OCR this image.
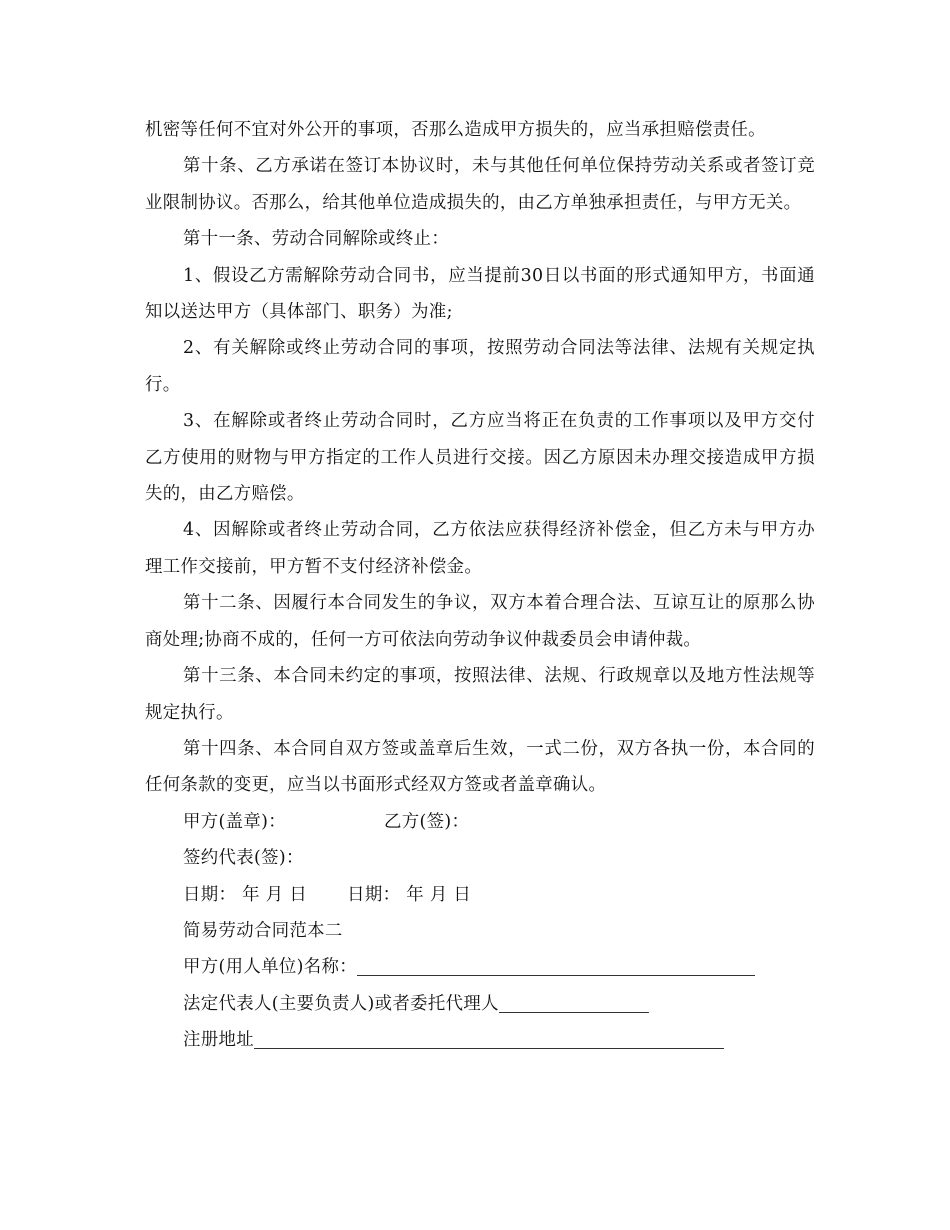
机密等任何不宜对外公开的事项，否那么造成甲方损失的，应当承担赔偿责任。

第十条、乙方承诺在签订本协议时，未与其他任何单位保持劳动关系或者签订竞业限制协议。否那么，给其他单位造成损失的，由乙方单独承担责任，与甲方无关。

第十一条、劳动合同解除或终止：

1、假设乙方需解除劳动合同书，应当提前30日以书面的形式通知甲方，书面通知以送达甲方（具体部门、职务）为准;

2、有关解除或终止劳动合同的事项，按照劳动合同法等法律、法规有关规定执行。

3、在解除或者终止劳动合同时，乙方应当将正在负责的工作事项以及甲方交付乙方使用的财物与甲方指定的工作人员进行交接。因乙方原因未办理交接造成甲方损失的，由乙方赔偿。

4、因解除或者终止劳动合同，乙方依法应获得经济补偿金，但乙方未与甲方办理工作交接前，甲方暂不支付经济补偿金。

第十二条、因履行本合同发生的争议，双方本着合理合法、互谅互让的原那么协商处理;协商不成的，任何一方可依法向劳动争议仲裁委员会申请仲裁。

第十三条、本合同未约定的事项，按照法律、法规、行政规章以及地方性法规等规定执行。

第十四条、本合同自双方签或盖章后生效，一式二份，双方各执一份，本合同的任何条款的变更，应当以书面形式经双方签或者盖章确认。

甲方(盖章)：	乙方(签)：

签约代表(签)：

日期： 年 月 日 日期： 年 月 日

简易劳动合同范本二

甲方(用人单位)名称：

法定代表人(主要负责人)或者委托代理人

注册地址
